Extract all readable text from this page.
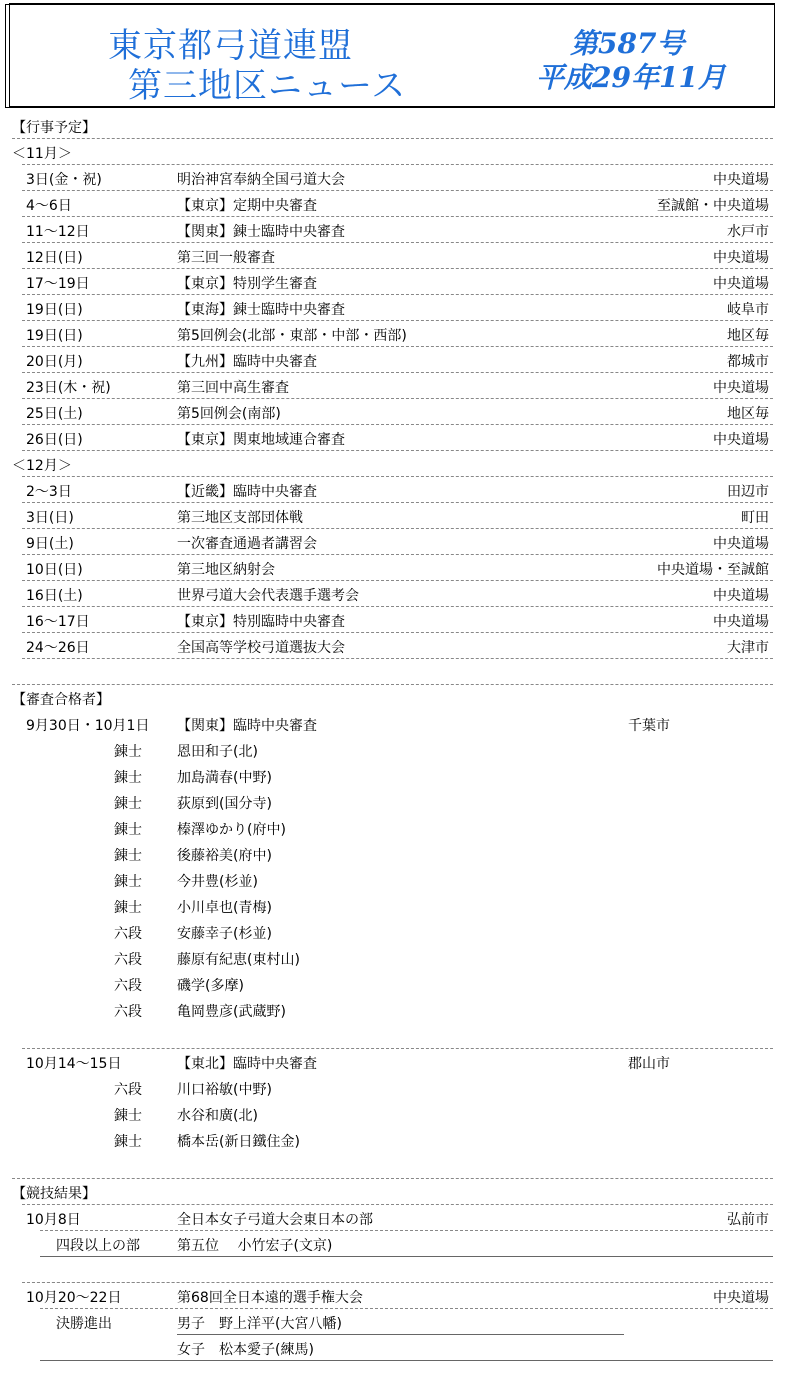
東京都弓道連盟
第三地区ニュース
第587号
平成29年11月
【行事予定】
＜11月＞
3日(金・祝)	明治神宮奉納全国弓道大会	中央道場
4～6日	【東京】定期中央審査	至誠館・中央道場
11～12日	【関東】錬士臨時中央審査	水戸市
12日(日)	第三回一般審査	中央道場
17～19日	【東京】特別学生審査	中央道場
19日(日)	【東海】錬士臨時中央審査	岐阜市
19日(日)	第5回例会(北部・東部・中部・西部)	地区毎
20日(月)	【九州】臨時中央審査	都城市
23日(木・祝)	第三回中高生審査	中央道場
25日(土)	第5回例会(南部)	地区毎
26日(日)	【東京】関東地域連合審査	中央道場
＜12月＞
2～3日	【近畿】臨時中央審査	田辺市
3日(日)	第三地区支部団体戦	町田
9日(土)	一次審査通過者講習会	中央道場
10日(日)	第三地区納射会	中央道場・至誠館
16日(土)	世界弓道大会代表選手選考会	中央道場
16～17日	【東京】特別臨時中央審査	中央道場
24～26日	全国高等学校弓道選抜大会	大津市
【審査合格者】
9月30日・10月1日 【関東】臨時中央審査	千葉市
錬士	恩田和子(北)
錬士	加島満春(中野)
錬士	荻原到(国分寺)
錬士	榛澤ゆかり(府中)
錬士	後藤裕美(府中)
錬士	今井豊(杉並)
錬士	小川卓也(青梅)
六段	安藤幸子(杉並)
六段	藤原有紀恵(東村山)
六段	磯学(多摩)
六段	亀岡豊彦(武蔵野)
10月14～15日	【東北】臨時中央審査	郡山市
六段	川口裕敏(中野)
錬士	水谷和廣(北)
錬士	橋本岳(新日鐵住金)
【競技結果】
10月8日	全日本女子弓道大会東日本の部	弘前市
四段以上の部	第五位　 小竹宏子(文京)
10月20～22日	第68回全日本遠的選手権大会	中央道場
決勝進出	男子　野上洋平(大宮八幡)
女子　松本愛子(練馬)
